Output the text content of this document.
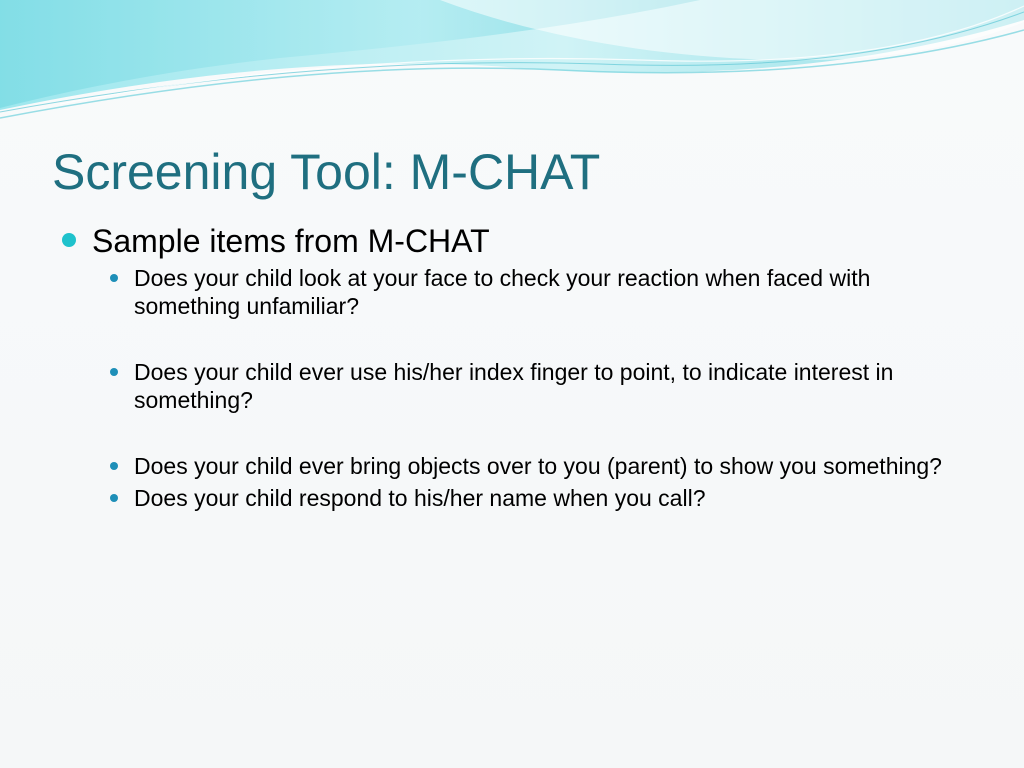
Screening Tool: M-CHAT
Sample items from M-CHAT
Does your child look at your face to check your reaction when faced with something unfamiliar?
Does your child ever use his/her index finger to point, to indicate interest in something?
Does your child ever bring objects over to you (parent) to show you something?
Does your child respond to his/her name when you call?
